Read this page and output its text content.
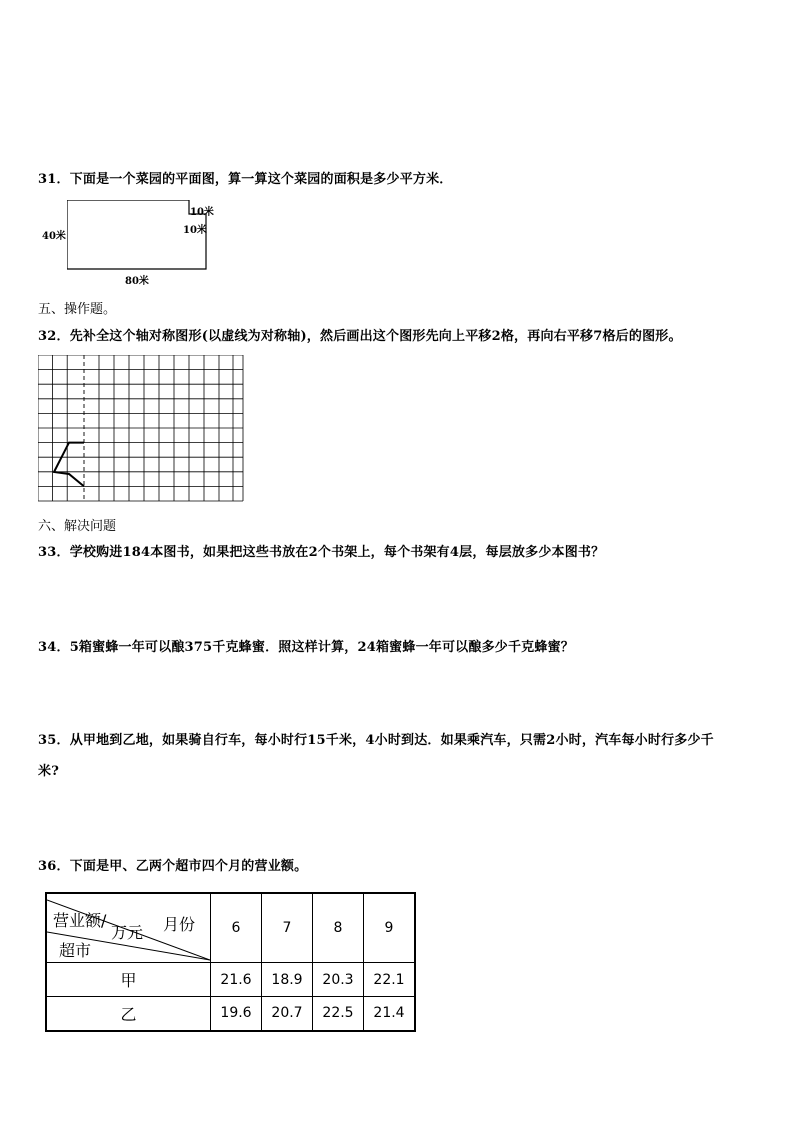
31．下面是一个菜园的平面图，算一算这个菜园的面积是多少平方米．

40米
80米
10米
10米

五、操作题。

32．先补全这个轴对称图形(以虚线为对称轴)，然后画出这个图形先向上平移2格，再向右平移7格后的图形。

六、解决问题

33．学校购进184本图书，如果把这些书放在2个书架上，每个书架有4层，每层放多少本图书？

34．5箱蜜蜂一年可以酿375千克蜂蜜．照这样计算，24箱蜜蜂一年可以酿多少千克蜂蜜？

35．从甲地到乙地，如果骑自行车，每小时行15千米，4小时到达．如果乘汽车，只需2小时，汽车每小时行多少千

米?

36．下面是甲、乙两个超市四个月的营业额。

营业额/
万元 月份
超市	6	7	8	9
甲	21.6	18.9	20.3	22.1
乙	19.6	20.7	22.5	21.4
